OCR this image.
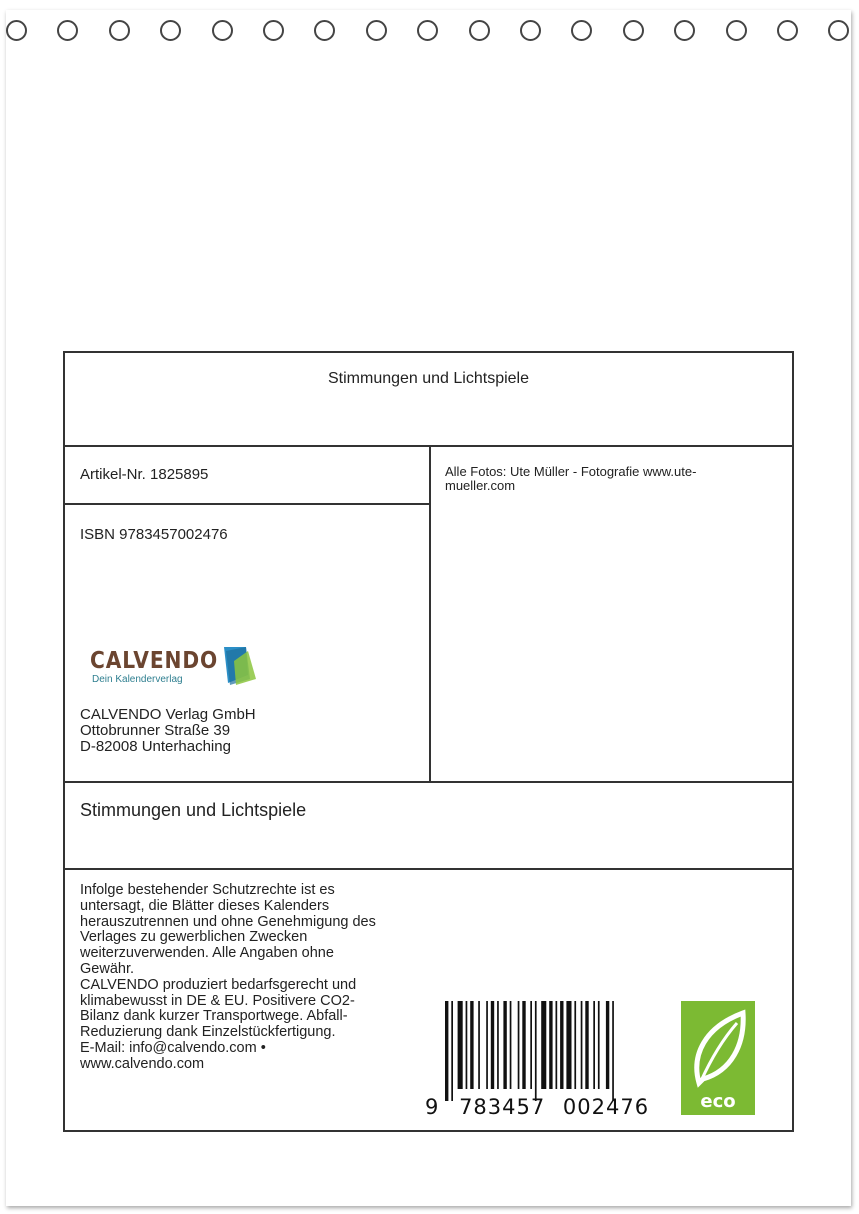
Stimmungen und Lichtspiele
Artikel-Nr. 1825895
ISBN 9783457002476
Alle Fotos: Ute Müller - Fotografie www.ute-mueller.com
CALVENDO
Dein Kalenderverlag
CALVENDO Verlag GmbH
Ottobrunner Straße 39
D-82008 Unterhaching
Stimmungen und Lichtspiele
Infolge bestehender Schutzrechte ist es
untersagt, die Blätter dieses Kalenders
herauszutrennen und ohne Genehmigung des
Verlages zu gewerblichen Zwecken
weiterzuverwenden. Alle Angaben ohne
Gewähr.
CALVENDO produziert bedarfsgerecht und
klimabewusst in DE & EU. Positivere CO2-
Bilanz dank kurzer Transportwege. Abfall-
Reduzierung dank Einzelstückfertigung.
E-Mail: info@calvendo.com •
www.calvendo.com
9 783457 002476	eco
